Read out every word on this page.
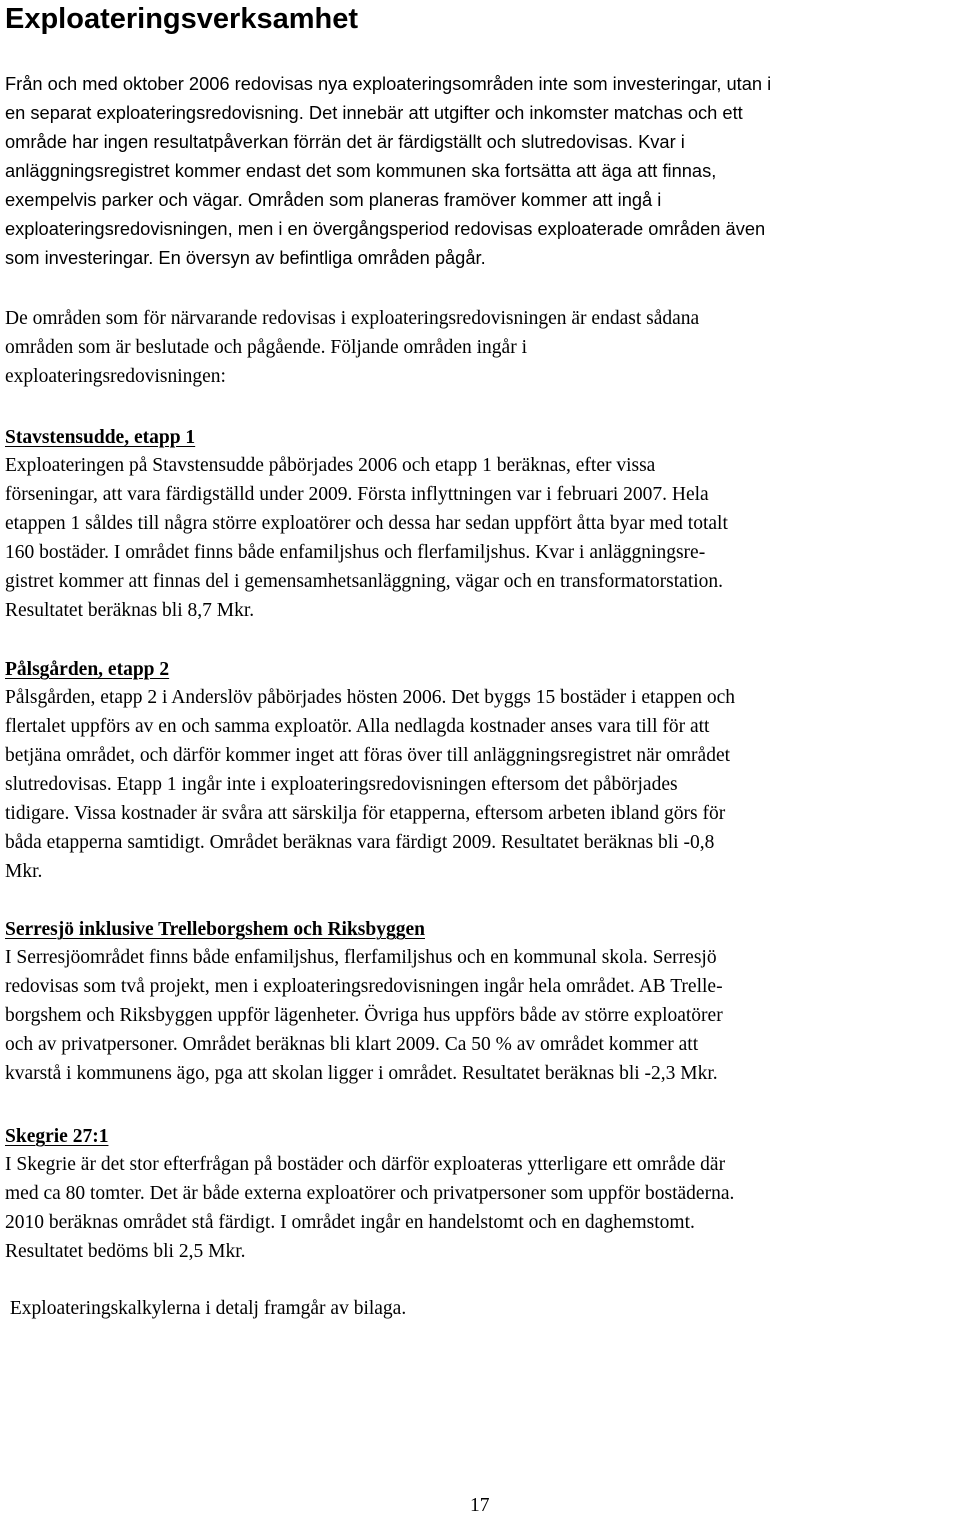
Exploateringsverksamhet

Från och med oktober 2006 redovisas nya exploateringsområden inte som investeringar, utan i
en separat exploateringsredovisning. Det innebär att utgifter och inkomster matchas och ett
område har ingen resultatpåverkan förrän det är färdigställt och slutredovisas. Kvar i
anläggningsregistret kommer endast det som kommunen ska fortsätta att äga att finnas,
exempelvis parker och vägar. Områden som planeras framöver kommer att ingå i
exploateringsredovisningen, men i en övergångsperiod redovisas exploaterade områden även
som investeringar. En översyn av befintliga områden pågår.

De områden som för närvarande redovisas i exploateringsredovisningen är endast sådana
områden som är beslutade och pågående. Följande områden ingår i
exploateringsredovisningen:

Stavstensudde, etapp 1

Exploateringen på Stavstensudde påbörjades 2006 och etapp 1 beräknas, efter vissa
förseningar, att vara färdigställd under 2009. Första inflyttningen var i februari 2007. Hela
etappen 1 såldes till några större exploatörer och dessa har sedan uppfört åtta byar med totalt
160 bostäder. I området finns både enfamiljshus och flerfamiljshus. Kvar i anläggningsre-
gistret kommer att finnas del i gemensamhetsanläggning, vägar och en transformatorstation.
Resultatet beräknas bli 8,7 Mkr.

Pålsgården, etapp 2

Pålsgården, etapp 2 i Anderslöv påbörjades hösten 2006. Det byggs 15 bostäder i etappen och
flertalet uppförs av en och samma exploatör. Alla nedlagda kostnader anses vara till för att
betjäna området, och därför kommer inget att föras över till anläggningsregistret när området
slutredovisas. Etapp 1 ingår inte i exploateringsredovisningen eftersom det påbörjades
tidigare. Vissa kostnader är svåra att särskilja för etapperna, eftersom arbeten ibland görs för
båda etapperna samtidigt. Området beräknas vara färdigt 2009. Resultatet beräknas bli -0,8
Mkr.

Serresjö inklusive Trelleborgshem och Riksbyggen

I Serresjöområdet finns både enfamiljshus, flerfamiljshus och en kommunal skola. Serresjö
redovisas som två projekt, men i exploateringsredovisningen ingår hela området. AB Trelle-
borgshem och Riksbyggen uppför lägenheter. Övriga hus uppförs både av större exploatörer
och av privatpersoner. Området beräknas bli klart 2009. Ca 50 % av området kommer att
kvarstå i kommunens ägo, pga att skolan ligger i området. Resultatet beräknas bli -2,3 Mkr.

Skegrie 27:1

I Skegrie är det stor efterfrågan på bostäder och därför exploateras ytterligare ett område där
med ca 80 tomter. Det är både externa exploatörer och privatpersoner som uppför bostäderna.
2010 beräknas området stå färdigt. I området ingår en handelstomt och en daghemstomt.
Resultatet bedöms bli 2,5 Mkr.

Exploateringskalkylerna i detalj framgår av bilaga.

17
